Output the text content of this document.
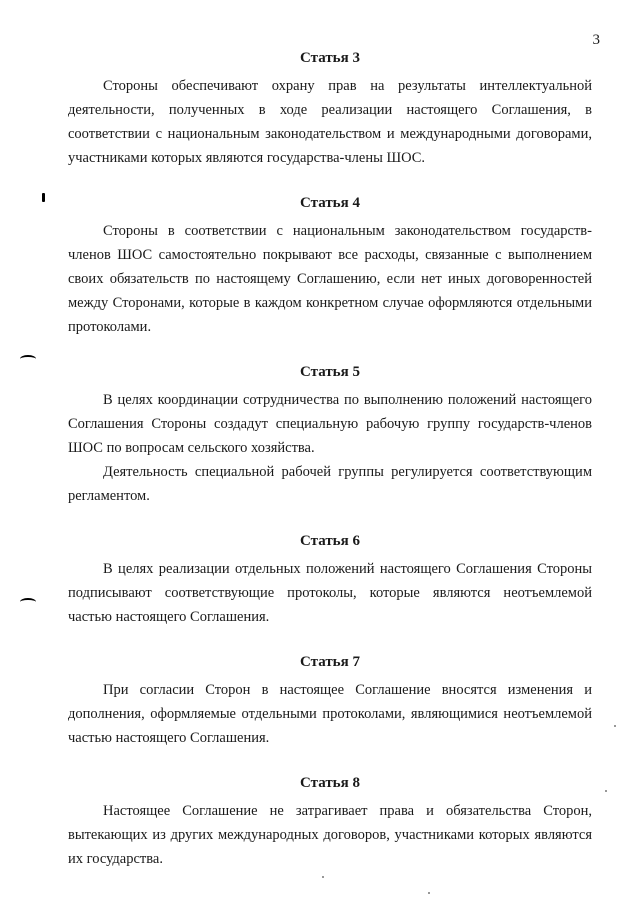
3
Статья 3

Стороны обеспечивают охрану прав на результаты интеллектуальной деятельности, полученных в ходе реализации настоящего Соглашения, в соответствии с национальным законодательством и международными договорами, участниками которых являются государства-члены ШОС.

Статья 4

Стороны в соответствии с национальным законодательством государств-членов ШОС самостоятельно покрывают все расходы, связанные с выполнением своих обязательств по настоящему Соглашению, если нет иных договоренностей между Сторонами, которые в каждом конкретном случае оформляются отдельными протоколами.

Статья 5

В целях координации сотрудничества по выполнению положений настоящего Соглашения Стороны создадут специальную рабочую группу государств-членов ШОС по вопросам сельского хозяйства.

Деятельность специальной рабочей группы регулируется соответствующим регламентом.

Статья 6

В целях реализации отдельных положений настоящего Соглашения Стороны подписывают соответствующие протоколы, которые являются неотъемлемой частью настоящего Соглашения.

Статья 7

При согласии Сторон в настоящее Соглашение вносятся изменения и дополнения, оформляемые отдельными протоколами, являющимися неотъемлемой частью настоящего Соглашения.

Статья 8

Настоящее Соглашение не затрагивает права и обязательства Сторон, вытекающих из других международных договоров, участниками которых являются их государства.
